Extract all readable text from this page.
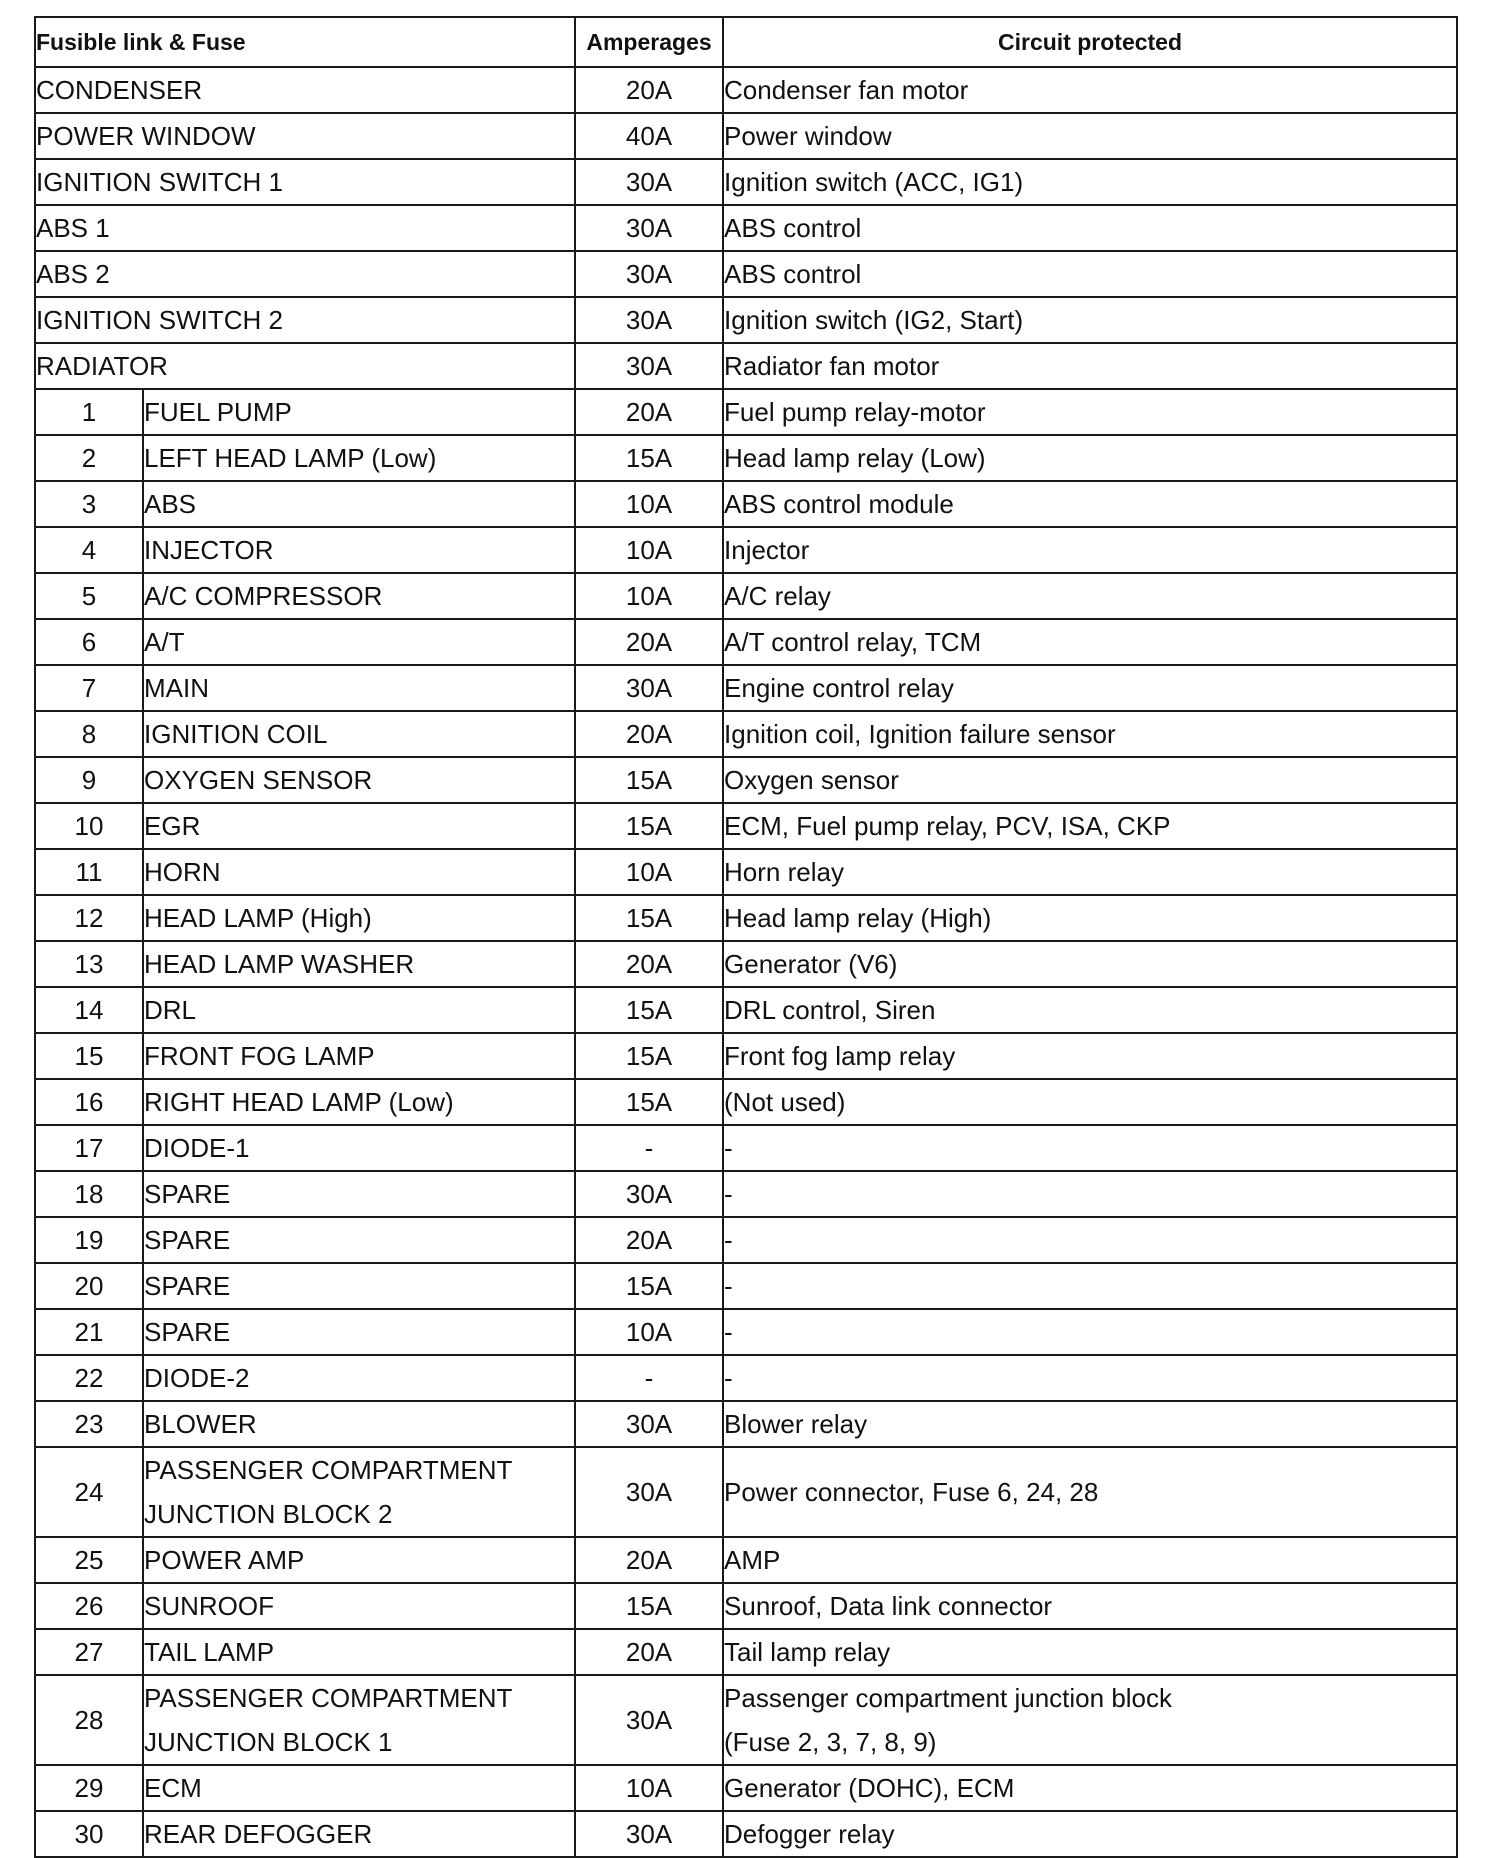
Fusible link & Fuse		Amperages	Circuit protected
CONDENSER		20A	Condenser fan motor
POWER WINDOW		40A	Power window
IGNITION SWITCH 1		30A	Ignition switch (ACC, IG1)
ABS 1		30A	ABS control
ABS 2		30A	ABS control
IGNITION SWITCH 2		30A	Ignition switch (IG2, Start)
RADIATOR		30A	Radiator fan motor
1	FUEL PUMP	20A	Fuel pump relay-motor
2	LEFT HEAD LAMP (Low)	15A	Head lamp relay (Low)
3	ABS	10A	ABS control module
4	INJECTOR	10A	Injector
5	A/C COMPRESSOR	10A	A/C relay
6	A/T	20A	A/T control relay, TCM
7	MAIN	30A	Engine control relay
8	IGNITION COIL	20A	Ignition coil, Ignition failure sensor
9	OXYGEN SENSOR	15A	Oxygen sensor
10	EGR	15A	ECM, Fuel pump relay, PCV, ISA, CKP
11	HORN	10A	Horn relay
12	HEAD LAMP (High)	15A	Head lamp relay (High)
13	HEAD LAMP WASHER	20A	Generator (V6)
14	DRL	15A	DRL control, Siren
15	FRONT FOG LAMP	15A	Front fog lamp relay
16	RIGHT HEAD LAMP (Low)	15A	(Not used)
17	DIODE-1	-	-
18	SPARE	30A	-
19	SPARE	20A	-
20	SPARE	15A	-
21	SPARE	10A	-
22	DIODE-2	-	-
23	BLOWER	30A	Blower relay
24	PASSENGER COMPARTMENT
JUNCTION BLOCK 2	30A	Power connector, Fuse 6, 24, 28
25	POWER AMP	20A	AMP
26	SUNROOF	15A	Sunroof, Data link connector
27	TAIL LAMP	20A	Tail lamp relay
28	PASSENGER COMPARTMENT
JUNCTION BLOCK 1	30A	Passenger compartment junction block
(Fuse 2, 3, 7, 8, 9)
29	ECM	10A	Generator (DOHC), ECM
30	REAR DEFOGGER	30A	Defogger relay
